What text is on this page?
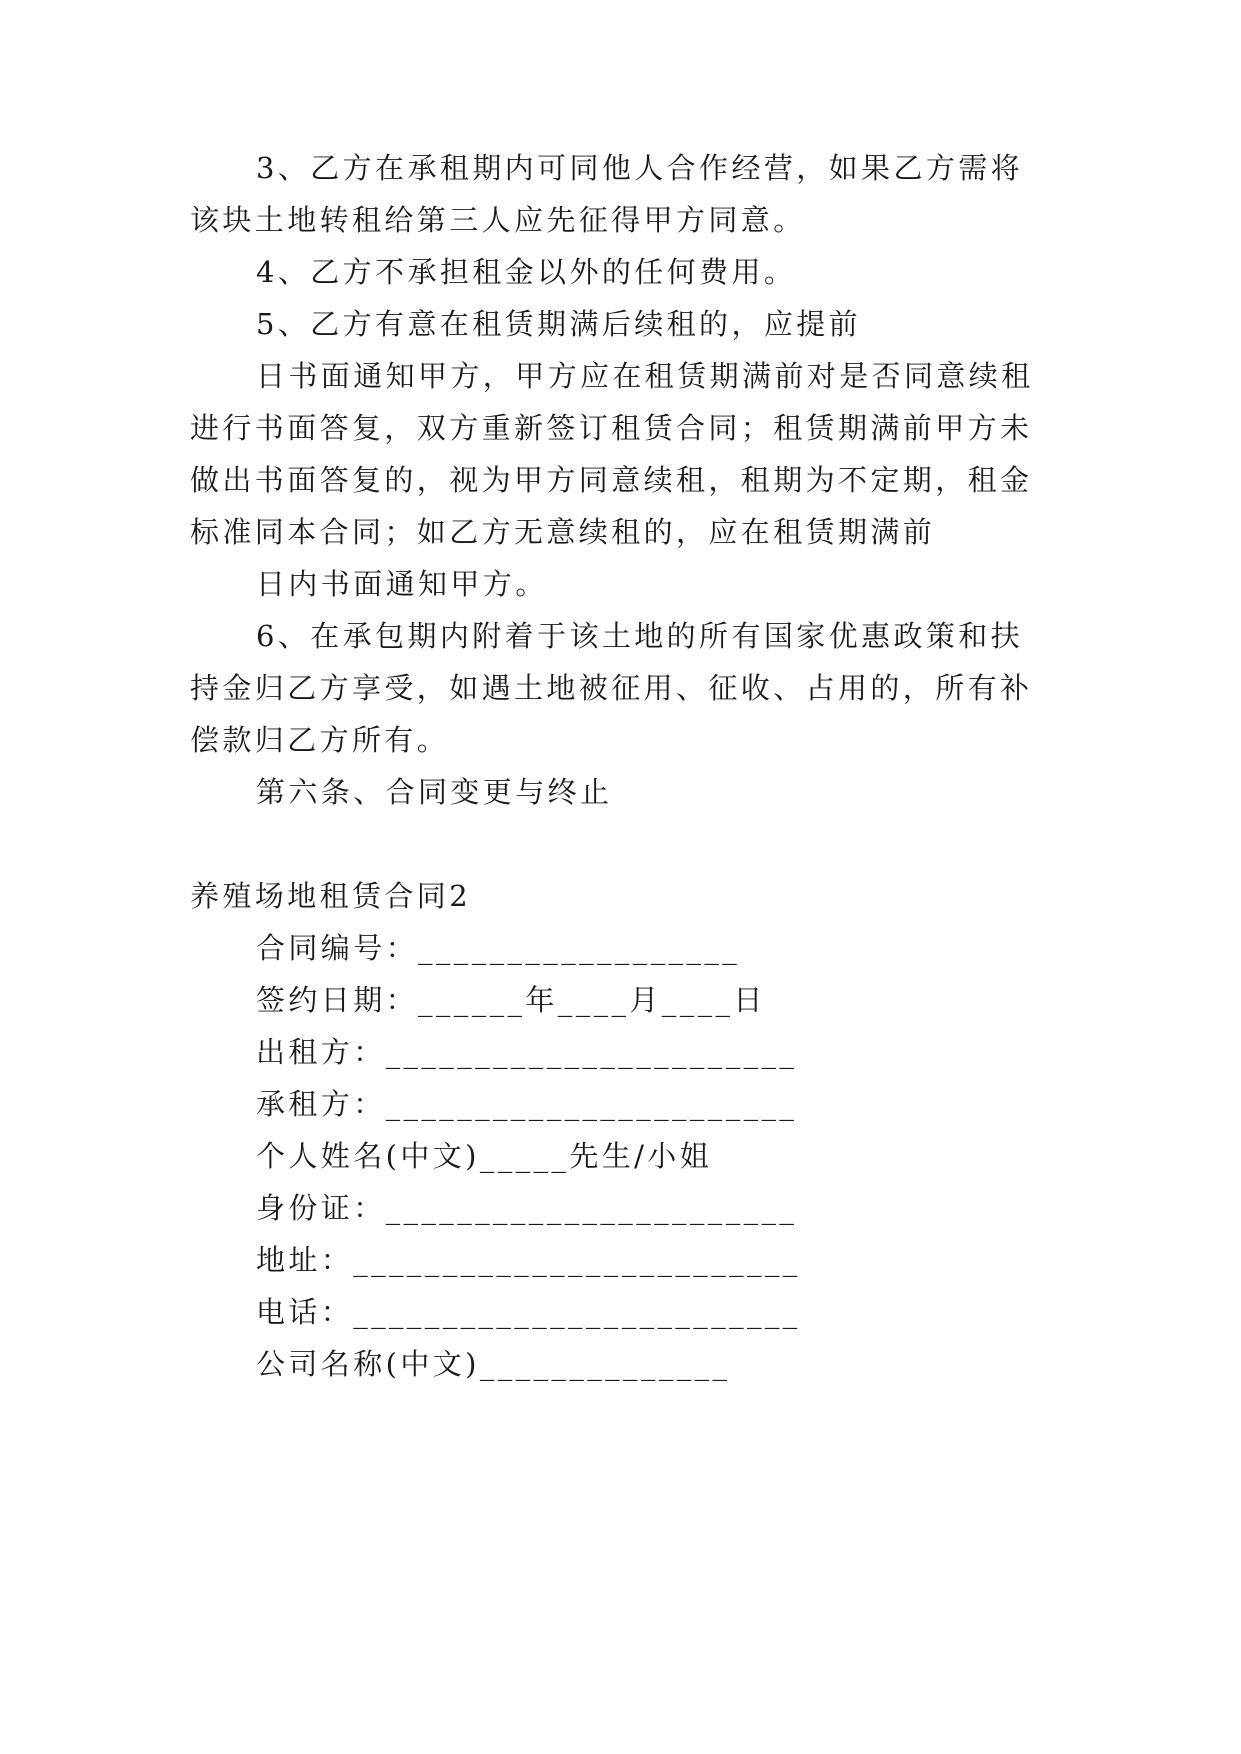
3、乙方在承租期内可同他人合作经营，如果乙方需将
该块土地转租给第三人应先征得甲方同意。
4、乙方不承担租金以外的任何费用。
5、乙方有意在租赁期满后续租的，应提前
日书面通知甲方，甲方应在租赁期满前对是否同意续租
进行书面答复，双方重新签订租赁合同；租赁期满前甲方未
做出书面答复的，视为甲方同意续租，租期为不定期，租金
标准同本合同；如乙方无意续租的，应在租赁期满前
日内书面通知甲方。
6、在承包期内附着于该土地的所有国家优惠政策和扶
持金归乙方享受，如遇土地被征用、征收、占用的，所有补
偿款归乙方所有。
第六条、合同变更与终止
养殖场地租赁合同2
合同编号：__________________
签约日期：______年____月____日
出租方：_______________________
承租方：_______________________
个人姓名(中文)_____先生/小姐
身份证：_______________________
地址：_________________________
电话：_________________________
公司名称(中文)______________
